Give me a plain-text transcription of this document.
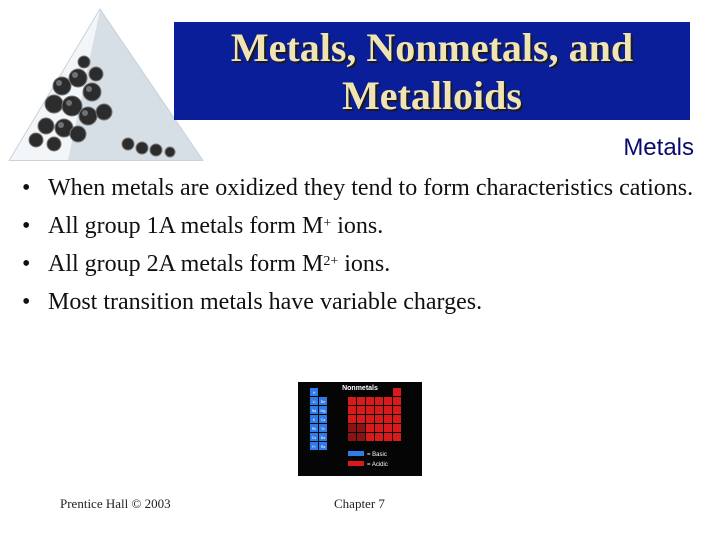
Metals, Nonmetals, and Metalloids
Metals
• When metals are oxidized they tend to form characteristics cations.
• All group 1A metals form M+ ions.
• All group 2A metals form $M^{2+}$ ions.
• Most transition metals have variable charges.
Nonmetals
H
Li Be
Na Mg
K Ca
Rb Sr
Cs Ba
Fr Ra
= Basic
= Acidic
Prentice Hall © 2003	Chapter 7
